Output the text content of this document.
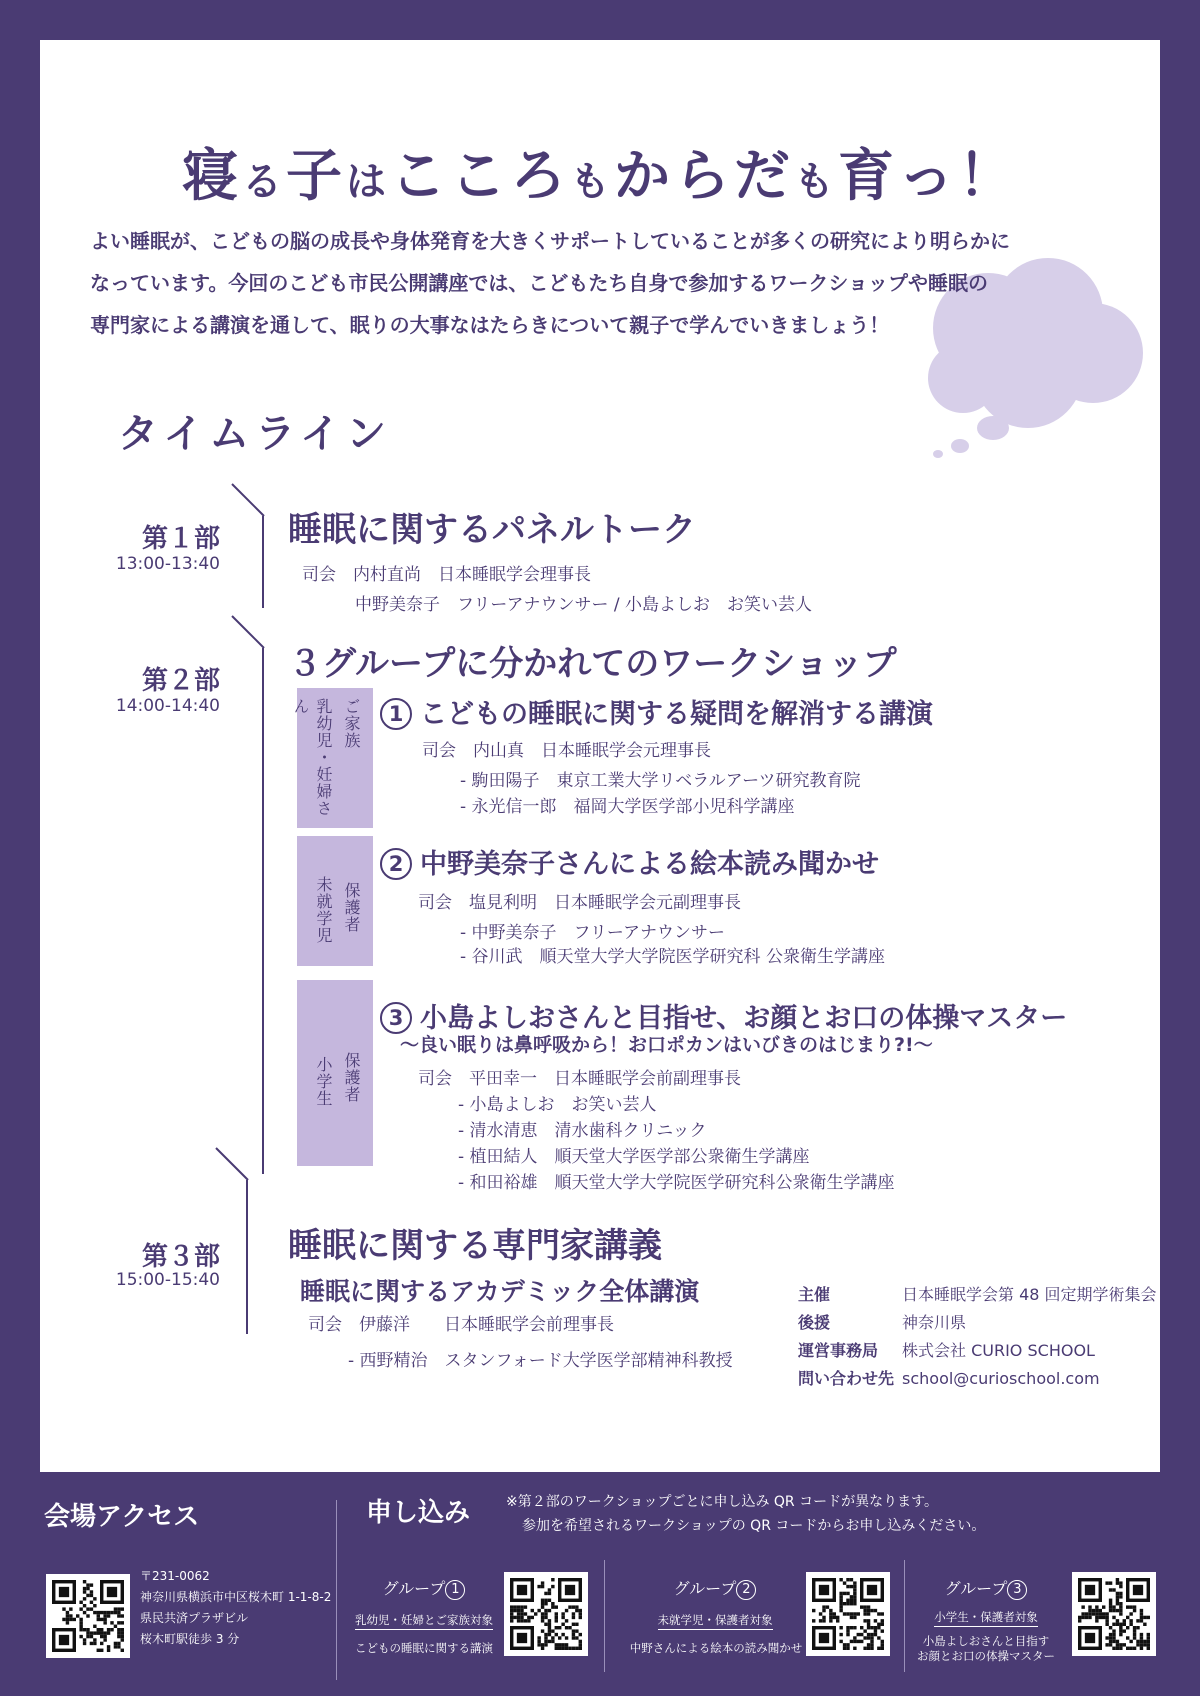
寝る子はこころもからだも育っ！
よい睡眠が、こどもの脳の成長や身体発育を大きくサポートしていることが多くの研究により明らかに
なっています。今回のこども市民公開講座では、こどもたち自身で参加するワークショップや睡眠の
専門家による講演を通して、眠りの大事なはたらきについて親子で学んでいきましょう！
タイムライン
第１部
13:00-13:40
睡眠に関するパネルトーク
司会　内村直尚　日本睡眠学会理事長
中野美奈子　フリーアナウンサー / 小島よしお　お笑い芸人
第２部
14:00-14:40
３グループに分かれてのワークショップ
ご家族
乳幼児・妊婦さん	1 こどもの睡眠に関する疑問を解消する講演
司会　内山真　日本睡眠学会元理事長
- 駒田陽子　東京工業大学リベラルアーツ研究教育院
- 永光信一郎　福岡大学医学部小児科学講座
保護者
未就学児
2 中野美奈子さんによる絵本読み聞かせ
司会　塩見利明　日本睡眠学会元副理事長
- 中野美奈子　フリーアナウンサー
- 谷川武　順天堂大学大学院医学研究科 公衆衛生学講座
保護者
小学生
3 小島よしおさんと目指せ、お顔とお口の体操マスター
〜良い眠りは鼻呼吸から！お口ポカンはいびきのはじまり?!〜
司会　平田幸一　日本睡眠学会前副理事長
- 小島よしお　お笑い芸人
- 清水清恵　清水歯科クリニック
- 植田結人　順天堂大学医学部公衆衛生学講座
- 和田裕雄　順天堂大学大学院医学研究科公衆衛生学講座
第３部
15:00-15:40
睡眠に関する専門家講義
睡眠に関するアカデミック全体講演
司会　伊藤洋　　日本睡眠学会前理事長
- 西野精治　スタンフォード大学医学部精神科教授
主催	日本睡眠学会第 48 回定期学術集会
後援	神奈川県
運営事務局 株式会社 CURIO SCHOOL
問い合わせ先 school@curioschool.com
会場アクセス
〒231-0062
神奈川県横浜市中区桜木町 1-1-8-2
県民共済プラザビル
桜木町駅徒歩 3 分
申し込み	※第２部のワークショップごとに申し込み QR コードが異なります。
参加を希望されるワークショップの QR コードからお申し込みください。
グループ 1
乳幼児・妊婦とご家族対象
こどもの睡眠に関する講演
グループ 2
未就学児・保護者対象
中野さんによる絵本の読み聞かせ
グループ 3
小学生・保護者対象
小島よしおさんと目指す
お顔とお口の体操マスター
